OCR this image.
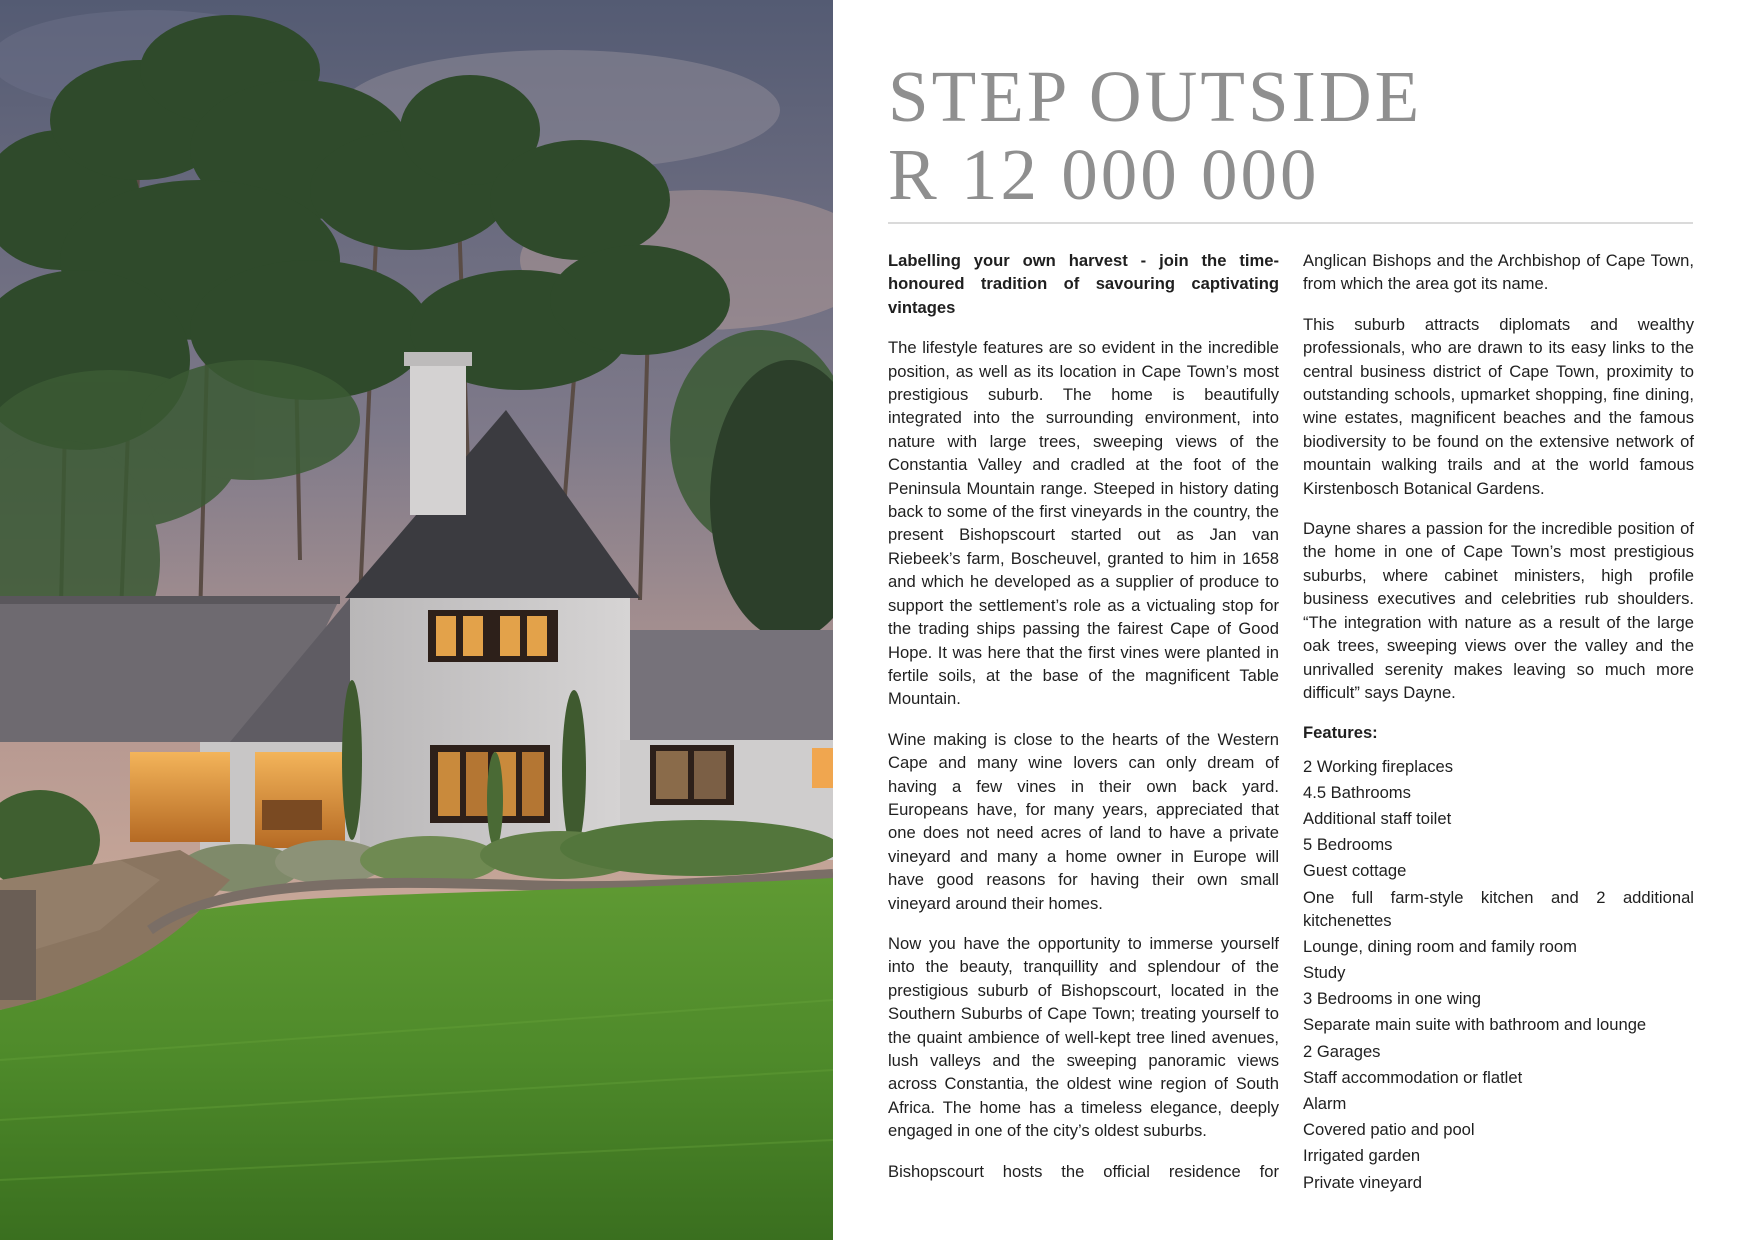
STEP OUTSIDE
R 12 000 000

Labelling your own harvest - join the time-honoured tradition of savouring captivating vintages

The lifestyle features are so evident in the incredible position, as well as its location in Cape Town’s most prestigious suburb. The home is beautifully integrated into the surrounding environment, into nature with large trees, sweeping views of the Constantia Valley and cradled at the foot of the Peninsula Mountain range. Steeped in history dating back to some of the first vineyards in the country, the present Bishopscourt started out as Jan van Riebeek’s farm, Boscheuvel, granted to him in 1658 and which he developed as a supplier of produce to support the settlement’s role as a victualing stop for the trading ships passing the fairest Cape of Good Hope. It was here that the first vines were planted in fertile soils, at the base of the magnificent Table Mountain.

Wine making is close to the hearts of the Western Cape and many wine lovers can only dream of having a few vines in their own back yard. Europeans have, for many years, appreciated that one does not need acres of land to have a private vineyard and many a home owner in Europe will have good reasons for having their own small vineyard around their homes.

Now you have the opportunity to immerse yourself into the beauty, tranquillity and splendour of the prestigious suburb of Bishopscourt, located in the Southern Suburbs of Cape Town; treating yourself to the quaint ambience of well-kept tree lined avenues, lush valleys and the sweeping panoramic views across Constantia, the oldest wine region of South Africa. The home has a timeless elegance, deeply engaged in one of the city’s oldest suburbs.

Bishopscourt hosts the official residence for

Anglican Bishops and the Archbishop of Cape Town, from which the area got its name.

This suburb attracts diplomats and wealthy professionals, who are drawn to its easy links to the central business district of Cape Town, proximity to outstanding schools, upmarket shopping, fine dining, wine estates, magnificent beaches and the famous biodiversity to be found on the extensive network of mountain walking trails and at the world famous Kirstenbosch Botanical Gardens.

Dayne shares a passion for the incredible position of the home in one of Cape Town’s most prestigious suburbs, where cabinet ministers, high profile business executives and celebrities rub shoulders. “The integration with nature as a result of the large oak trees, sweeping views over the valley and the unrivalled serenity makes leaving so much more difficult” says Dayne.

Features:
2 Working fireplaces
4.5 Bathrooms
Additional staff toilet
5 Bedrooms
Guest cottage
One full farm-style kitchen and 2 additional kitchenettes
Lounge, dining room and family room
Study
3 Bedrooms in one wing
Separate main suite with bathroom and lounge
2 Garages
Staff accommodation or flatlet
Alarm
Covered patio and pool
Irrigated garden
Private vineyard
